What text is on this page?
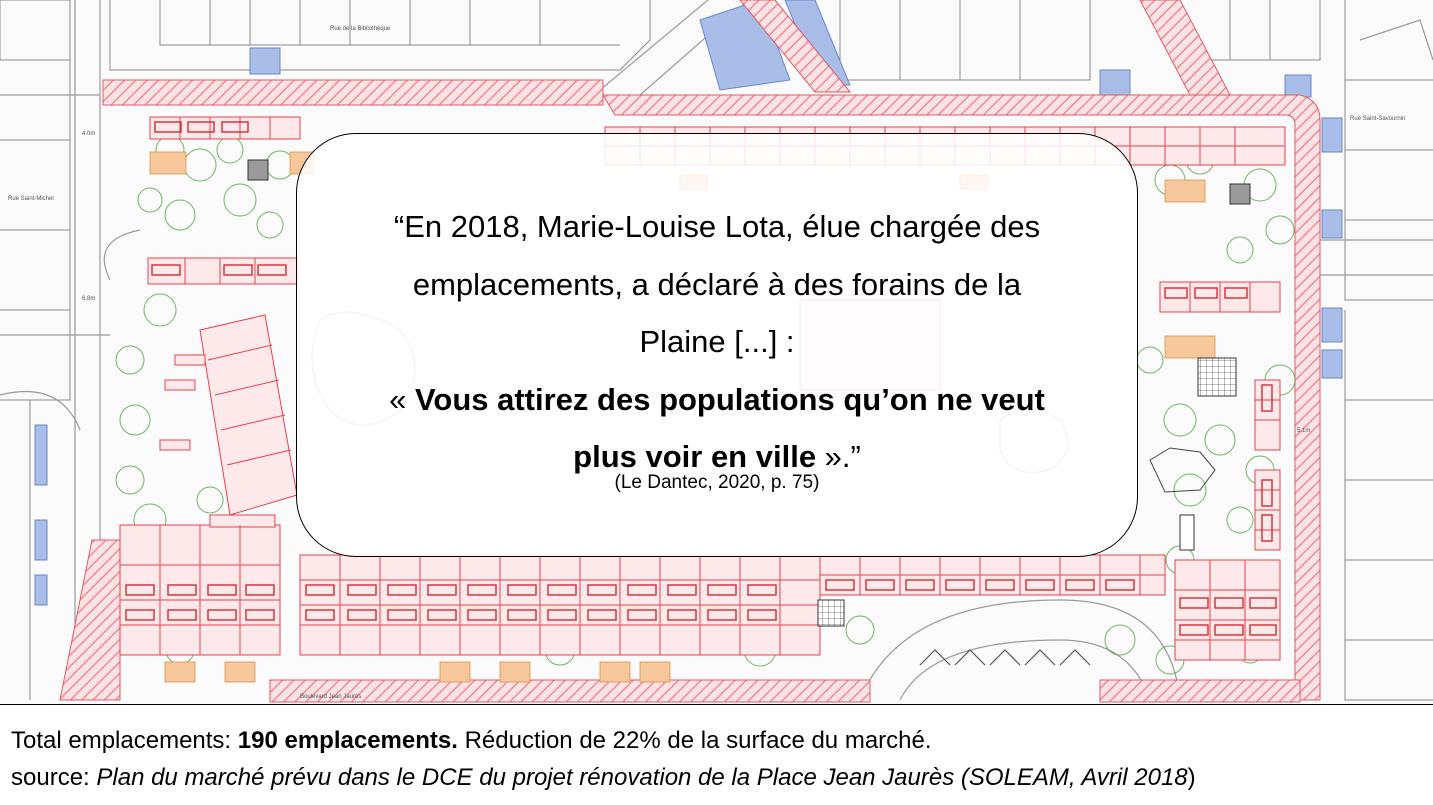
Rue de la Bibliothèque
Rue Saint-Michel
Rue Saint-Savournin
Boulevard Jean Jaurès
4.0m
6.8m
5.1m
“En 2018, Marie-Louise Lota, élue chargée des
emplacements, a déclaré à des forains de la
Plaine [...] :
« Vous attirez des populations qu’on ne veut
plus voir en ville ».”
(Le Dantec, 2020, p. 75)
Total emplacements: 190 emplacements. Réduction de 22% de la surface du marché.
source: Plan du marché prévu dans le DCE du projet rénovation de la Place Jean Jaurès (SOLEAM, Avril 2018)
